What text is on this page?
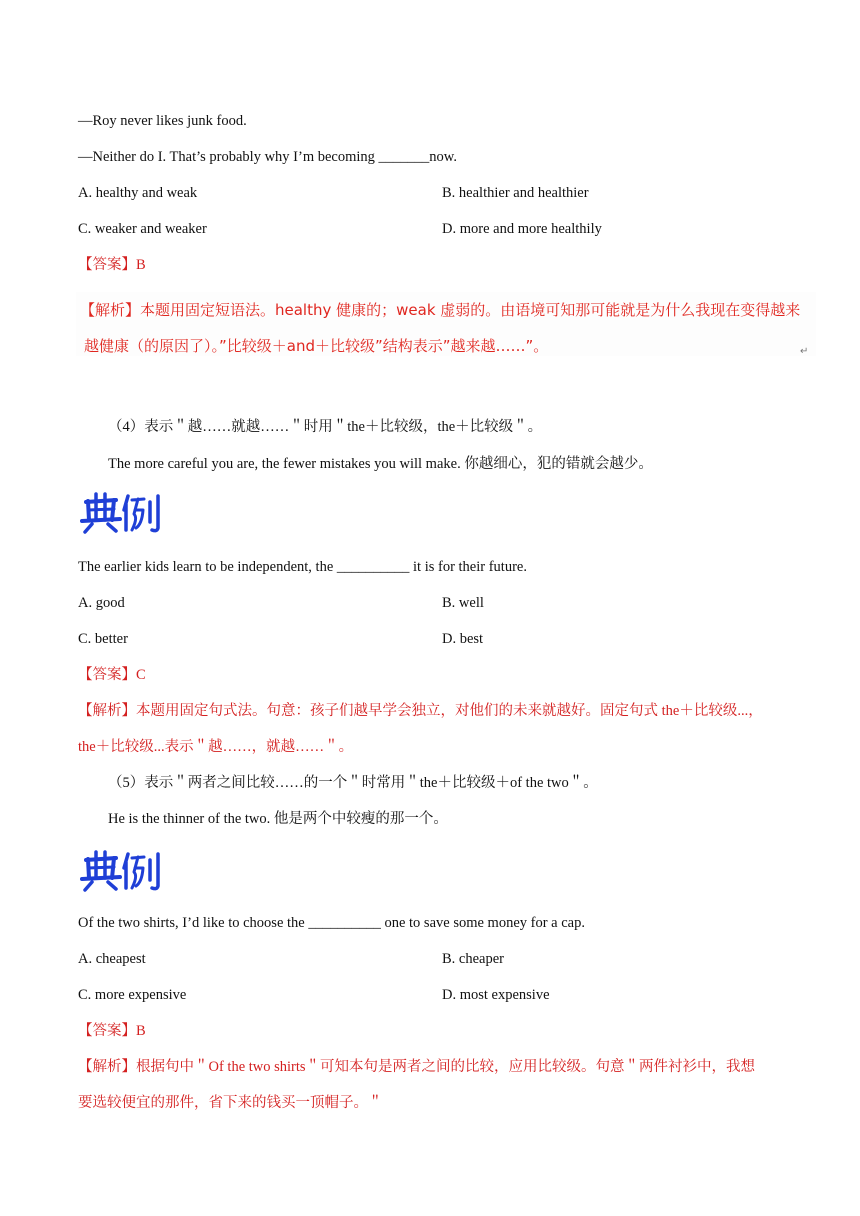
—Roy never likes junk food.
—Neither do I. That’s probably why I’m becoming _______now.
A. healthy and weak	B. healthier and healthier
C. weaker and weaker	D. more and more healthily
【答案】B
【解析】本题用固定短语法。healthy 健康的；weak 虚弱的。由语境可知那可能就是为什么我现在变得越来
越健康（的原因了）。”比较级＋and＋比较级”结构表示”越来越……”。	↵
（4）表示＂越……就越……＂时用＂the＋比较级，the＋比较级＂。
The more careful you are, the fewer mistakes you will make. 你越细心，犯的错就会越少。
The earlier kids learn to be independent, the __________ it is for their future.
A. good	B. well
C. better	D. best
【答案】C
【解析】本题用固定句式法。句意：孩子们越早学会独立，对他们的未来就越好。固定句式 the＋比较级...，
the＋比较级...表示＂越……，就越……＂。
（5）表示＂两者之间比较……的一个＂时常用＂the＋比较级＋of the two＂。
He is the thinner of the two. 他是两个中较瘦的那一个。
Of the two shirts, I’d like to choose the __________ one to save some money for a cap.
A. cheapest	B. cheaper
C. more expensive	D. most expensive
【答案】B
【解析】根据句中＂Of the two shirts＂可知本句是两者之间的比较，应用比较级。句意＂两件衬衫中，我想
要选较便宜的那件，省下来的钱买一顶帽子。＂
